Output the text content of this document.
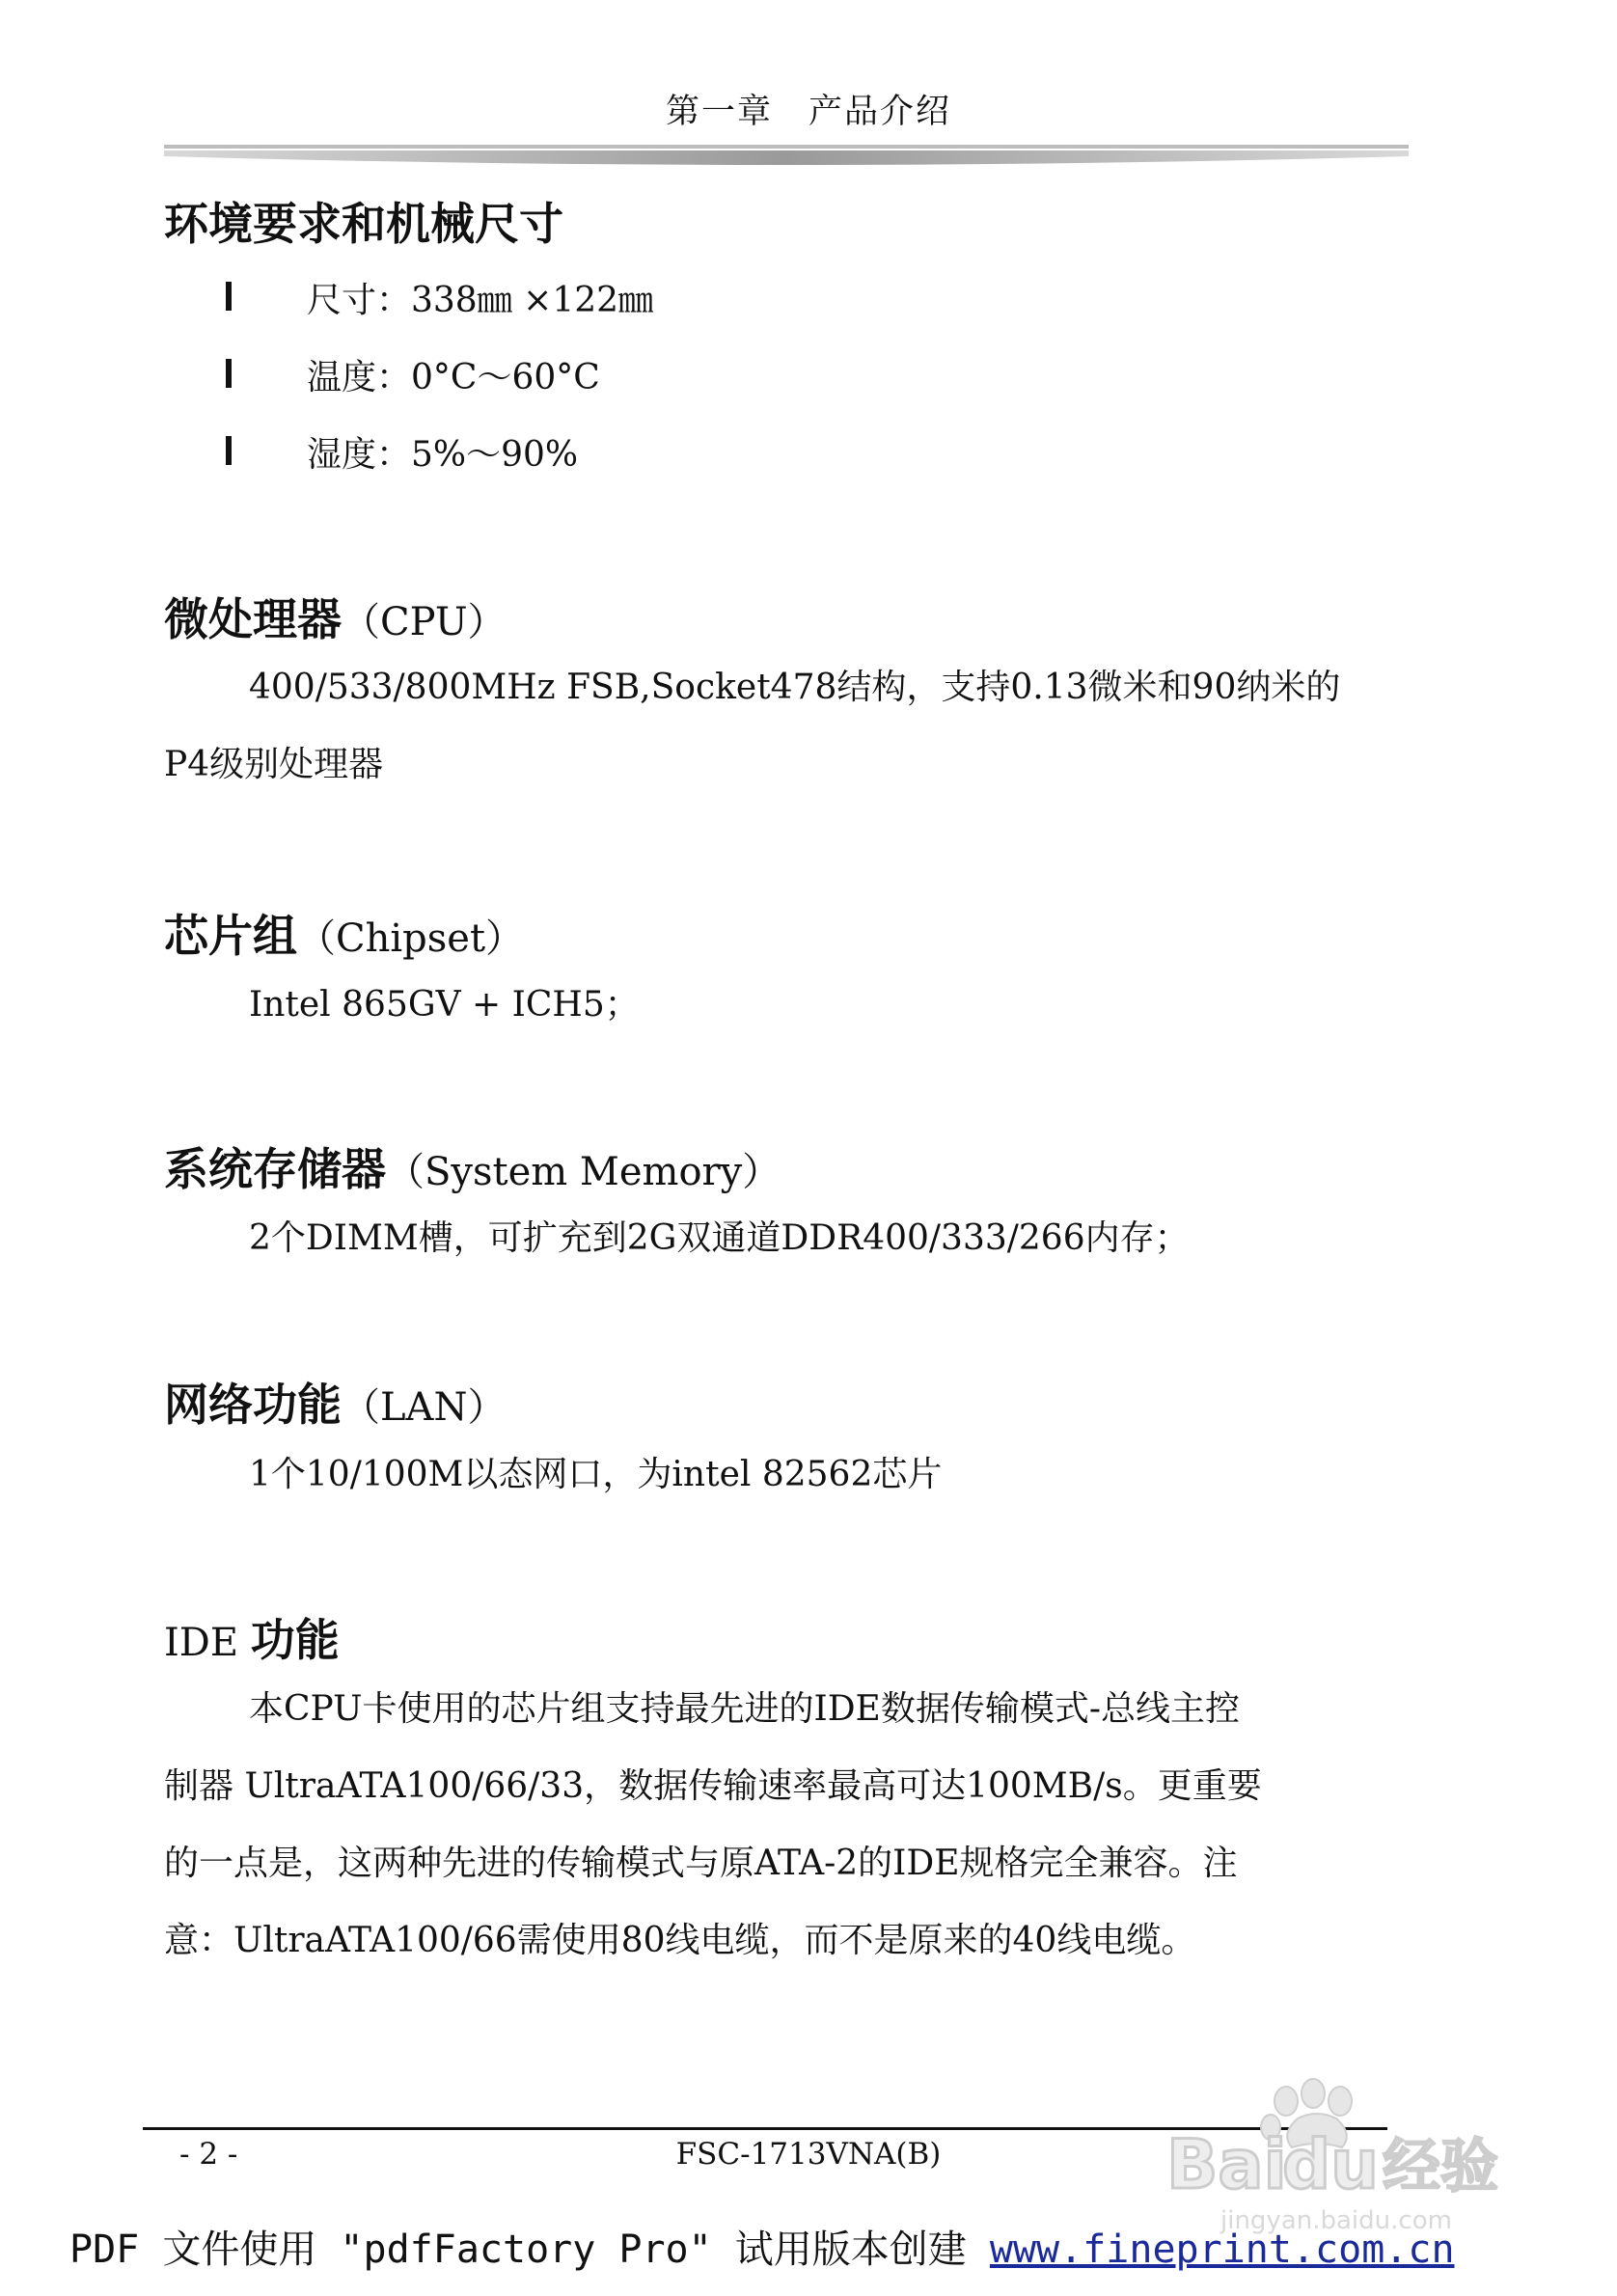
第一章　产品介绍
环境要求和机械尺寸
尺寸：338㎜ ×122㎜
温度：0°C～60°C
湿度：5%～90%
微处理器（CPU）
400/533/800MHz FSB,Socket478结构，支持0.13微米和90纳米的
P4级别处理器
芯片组（Chipset）
Intel 865GV + ICH5；
系统存储器（System Memory）
2个DIMM槽，可扩充到2G双通道DDR400/333/266内存；
网络功能（LAN）
1个10/100M以态网口，为intel 82562芯片
IDE 功能
本CPU卡使用的芯片组支持最先进的IDE数据传输模式-总线主控
制器 UltraATA100/66/33，数据传输速率最高可达100MB/s。更重要
的一点是，这两种先进的传输模式与原ATA-2的IDE规格完全兼容。注
意：UltraATA100/66需使用80线电缆，而不是原来的40线电缆。
- 2 -	FSC-1713VNA(B)	Bai
du 经验
jingyan.baidu.com
PDF 文件使用 "pdfFactory Pro" 试用版本创建 www.fineprint.com.cn
